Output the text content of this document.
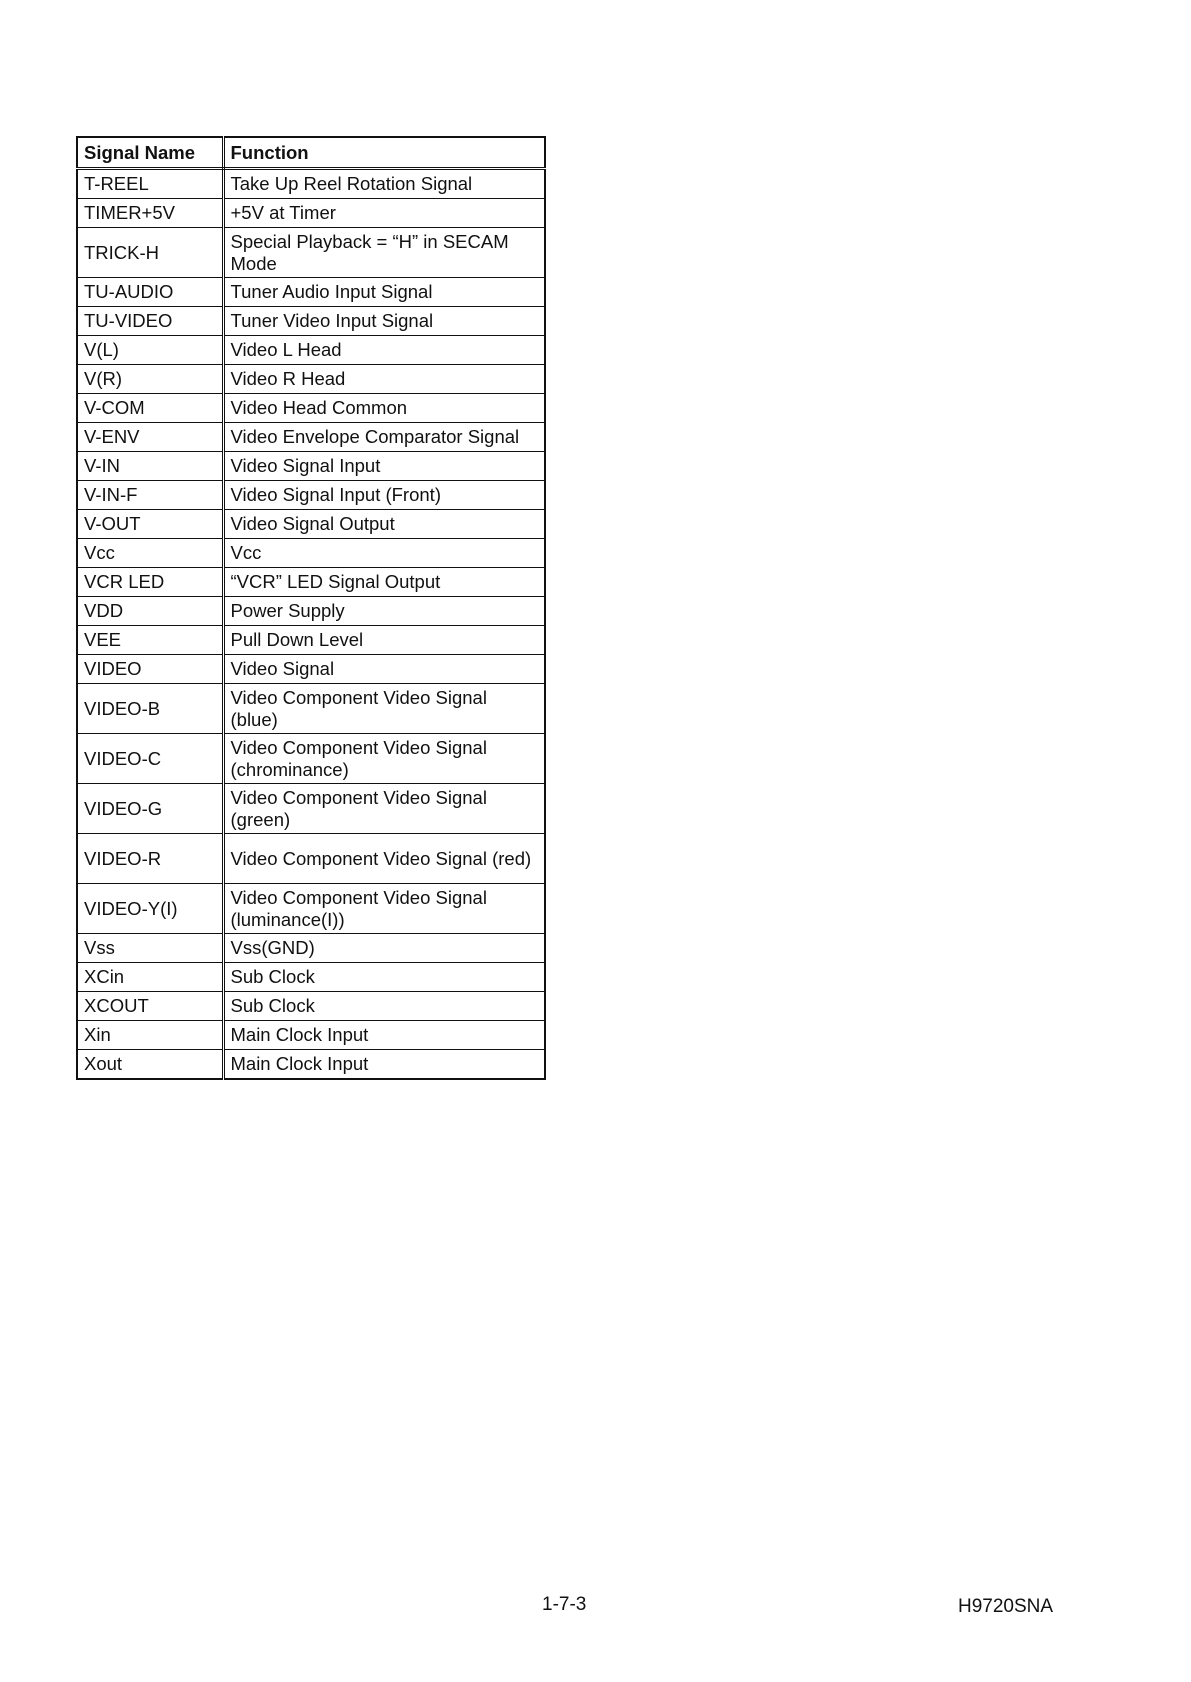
Signal Name	Function
T-REEL	Take Up Reel Rotation Signal
TIMER+5V	+5V at Timer
TRICK-H	Special Playback = “H” in SECAM Mode
TU-AUDIO	Tuner Audio Input Signal
TU-VIDEO	Tuner Video Input Signal
V(L)	Video L Head
V(R)	Video R Head
V-COM	Video Head Common
V-ENV	Video Envelope Comparator Signal
V-IN	Video Signal Input
V-IN-F	Video Signal Input (Front)
V-OUT	Video Signal Output
Vcc	Vcc
VCR LED	“VCR” LED Signal Output
VDD	Power Supply
VEE	Pull Down Level
VIDEO	Video Signal
VIDEO-B	Video Component Video Signal (blue)
VIDEO-C	Video Component Video Signal (chrominance)
VIDEO-G	Video Component Video Signal (green)
VIDEO-R	Video Component Video Signal (red)
VIDEO-Y(I)	Video Component Video Signal (luminance(I))
Vss	Vss(GND)
XCin	Sub Clock
XCOUT	Sub Clock
Xin	Main Clock Input
Xout	Main Clock Input
1-7-3	H9720SNA
